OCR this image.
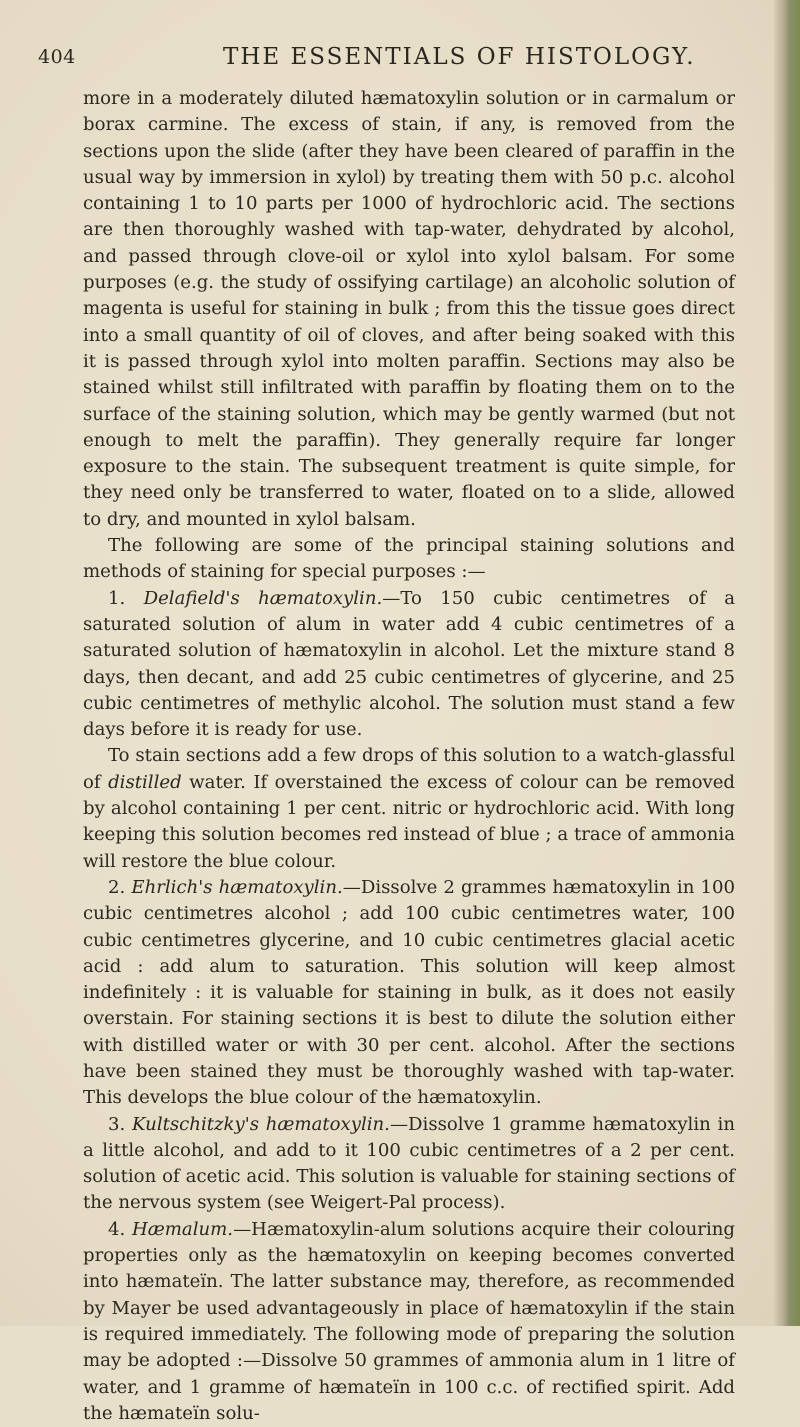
404	THE ESSENTIALS OF HISTOLOGY.

more in a moderately diluted hæmatoxylin solution or in carmalum or borax carmine. The excess of stain, if any, is removed from the sections upon the slide (after they have been cleared of paraffin in the usual way by immersion in xylol) by treating them with 50 p.c. alcohol containing 1 to 10 parts per 1000 of hydrochloric acid. The sections are then thoroughly washed with tap-water, dehydrated by alcohol, and passed through clove-oil or xylol into xylol balsam. For some purposes (e.g. the study of ossifying cartilage) an alcoholic solution of magenta is useful for staining in bulk ; from this the tissue goes direct into a small quantity of oil of cloves, and after being soaked with this it is passed through xylol into molten paraffin. Sections may also be stained whilst still infiltrated with paraffin by floating them on to the surface of the staining solution, which may be gently warmed (but not enough to melt the paraffin). They generally require far longer exposure to the stain. The subsequent treatment is quite simple, for they need only be transferred to water, floated on to a slide, allowed to dry, and mounted in xylol balsam.

The following are some of the principal staining solutions and methods of staining for special purposes :—

1. Delafield's hæmatoxylin.—To 150 cubic centimetres of a saturated solution of alum in water add 4 cubic centimetres of a saturated solution of hæmatoxylin in alcohol. Let the mixture stand 8 days, then decant, and add 25 cubic centimetres of glycerine, and 25 cubic centimetres of methylic alcohol. The solution must stand a few days before it is ready for use.

To stain sections add a few drops of this solution to a watch-glassful of distilled water. If overstained the excess of colour can be removed by alcohol containing 1 per cent. nitric or hydrochloric acid. With long keeping this solution becomes red instead of blue ; a trace of ammonia will restore the blue colour.

2. Ehrlich's hæmatoxylin.—Dissolve 2 grammes hæmatoxylin in 100 cubic centimetres alcohol ; add 100 cubic centimetres water, 100 cubic centimetres glycerine, and 10 cubic centimetres glacial acetic acid : add alum to saturation. This solution will keep almost indefinitely : it is valuable for staining in bulk, as it does not easily overstain. For staining sections it is best to dilute the solution either with distilled water or with 30 per cent. alcohol. After the sections have been stained they must be thoroughly washed with tap-water. This develops the blue colour of the hæmatoxylin.

3. Kultschitzky's hæmatoxylin.—Dissolve 1 gramme hæmatoxylin in a little alcohol, and add to it 100 cubic centimetres of a 2 per cent. solution of acetic acid. This solution is valuable for staining sections of the nervous system (see Weigert-Pal process).

4. Hæmalum.—Hæmatoxylin-alum solutions acquire their colouring properties only as the hæmatoxylin on keeping becomes converted into hæmateïn. The latter substance may, therefore, as recommended by Mayer be used advantageously in place of hæmatoxylin if the stain is required immediately. The following mode of preparing the solution may be adopted :—Dissolve 50 grammes of ammonia alum in 1 litre of water, and 1 gramme of hæmateïn in 100 c.c. of rectified spirit. Add the hæmateïn solu-
